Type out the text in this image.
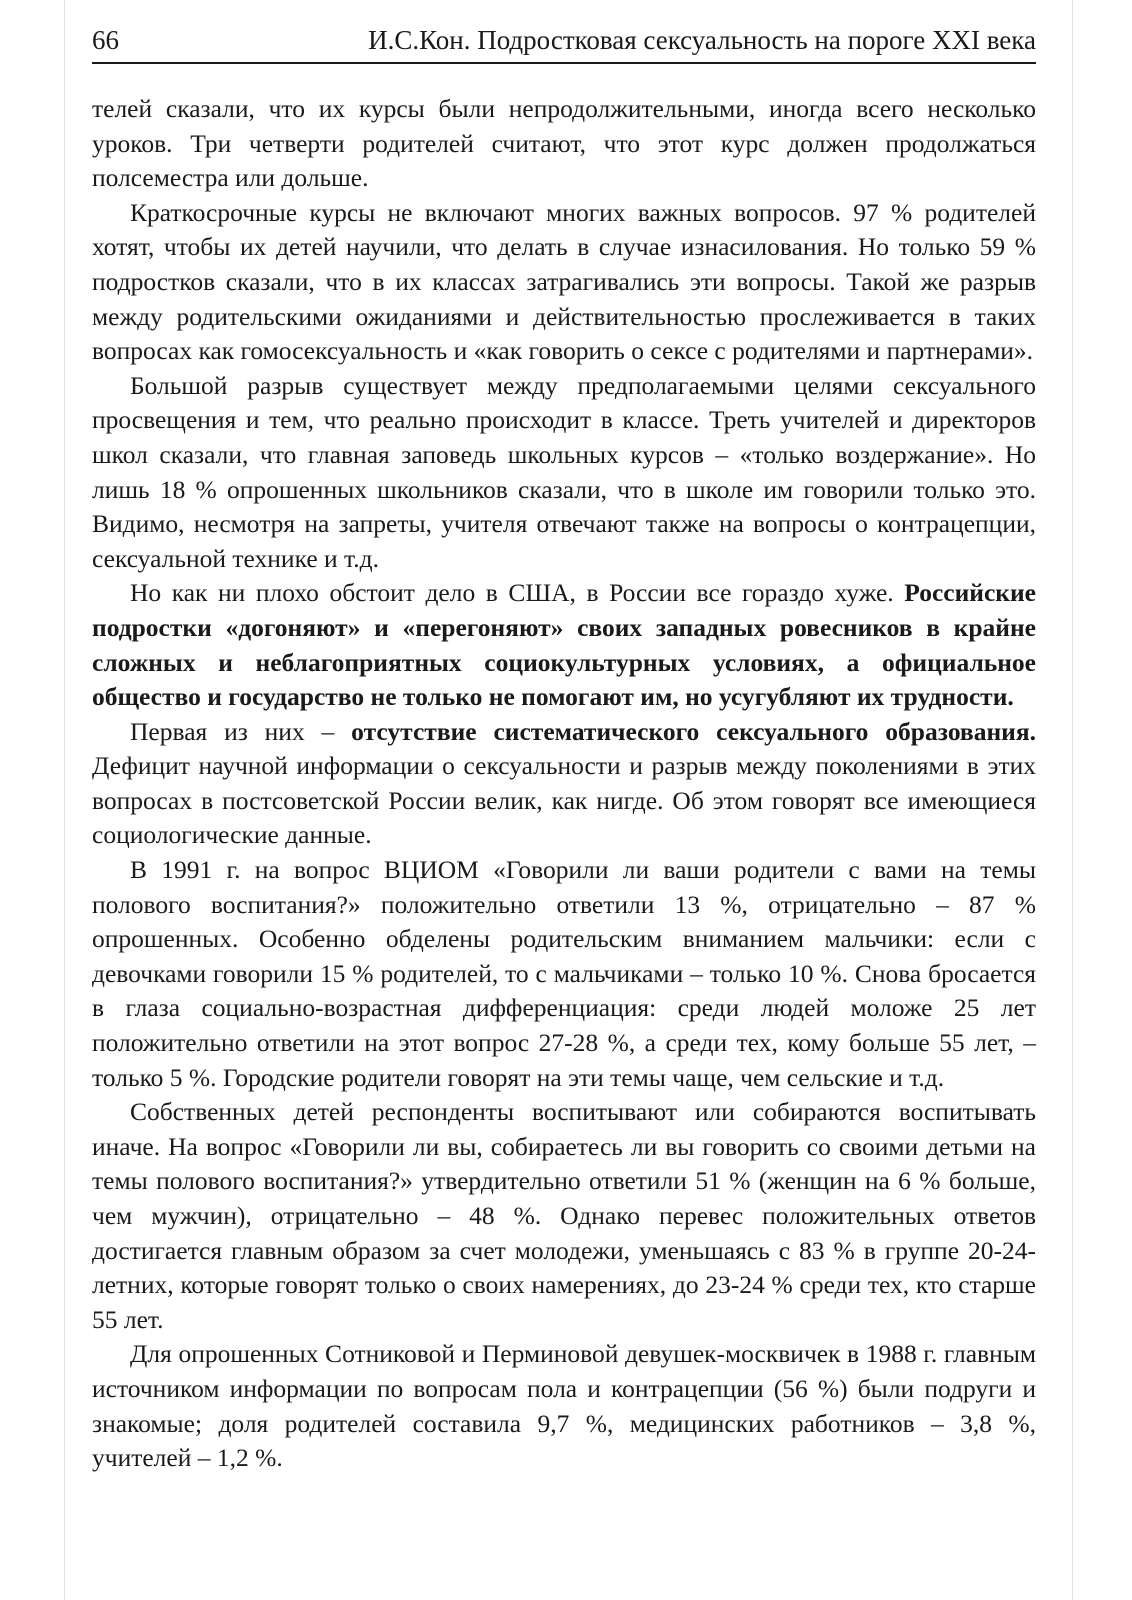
66	И.С.Кон. Подростковая сексуальность на пороге XXI века

телей сказали, что их курсы были непродолжительными, иногда всего несколько уроков. Три четверти родителей считают, что этот курс должен продолжаться полсеместра или дольше.

Краткосрочные курсы не включают многих важных вопросов. 97 % родителей хотят, чтобы их детей научили, что делать в случае изнасилования. Но только 59 % подростков сказали, что в их классах затрагивались эти вопросы. Такой же разрыв между родительскими ожиданиями и действительностью прослеживается в таких вопросах как гомосексуальность и «как говорить о сексе с родителями и партнерами».

Большой разрыв существует между предполагаемыми целями сексуального просвещения и тем, что реально происходит в классе. Треть учителей и директоров школ сказали, что главная заповедь школьных курсов – «только воздержание». Но лишь 18 % опрошенных школьников сказали, что в школе им говорили только это. Видимо, несмотря на запреты, учителя отвечают также на вопросы о контрацепции, сексуальной технике и т.д.

Но как ни плохо обстоит дело в США, в России все гораздо хуже. Российские подростки «догоняют» и «перегоняют» своих западных ровесников в крайне сложных и неблагоприятных социокультурных условиях, а официальное общество и государство не только не помогают им, но усугубляют их трудности.

Первая из них – отсутствие систематического сексуального образования. Дефицит научной информации о сексуальности и разрыв между поколениями в этих вопросах в постсоветской России велик, как нигде. Об этом говорят все имеющиеся социологические данные.

В 1991 г. на вопрос ВЦИОМ «Говорили ли ваши родители с вами на темы полового воспитания?» положительно ответили 13 %, отрицательно – 87 % опрошенных. Особенно обделены родительским вниманием мальчики: если с девочками говорили 15 % родителей, то с мальчиками – только 10 %. Снова бросается в глаза социально-возрастная дифференциация: среди людей моложе 25 лет положительно ответили на этот вопрос 27-28 %, а среди тех, кому больше 55 лет, – только 5 %. Городские родители говорят на эти темы чаще, чем сельские и т.д.

Собственных детей респонденты воспитывают или собираются воспитывать иначе. На вопрос «Говорили ли вы, собираетесь ли вы говорить со своими детьми на темы полового воспитания?» утвердительно ответили 51 % (женщин на 6 % больше, чем мужчин), отрицательно – 48 %. Однако перевес положительных ответов достигается главным образом за счет молодежи, уменьшаясь с 83 % в группе 20-24-летних, которые говорят только о своих намерениях, до 23-24 % среди тех, кто старше 55 лет.

Для опрошенных Сотниковой и Перминовой девушек-москвичек в 1988 г. главным источником информации по вопросам пола и контрацепции (56 %) были подруги и знакомые; доля родителей составила 9,7 %, медицинских работников – 3,8 %, учителей – 1,2 %.
